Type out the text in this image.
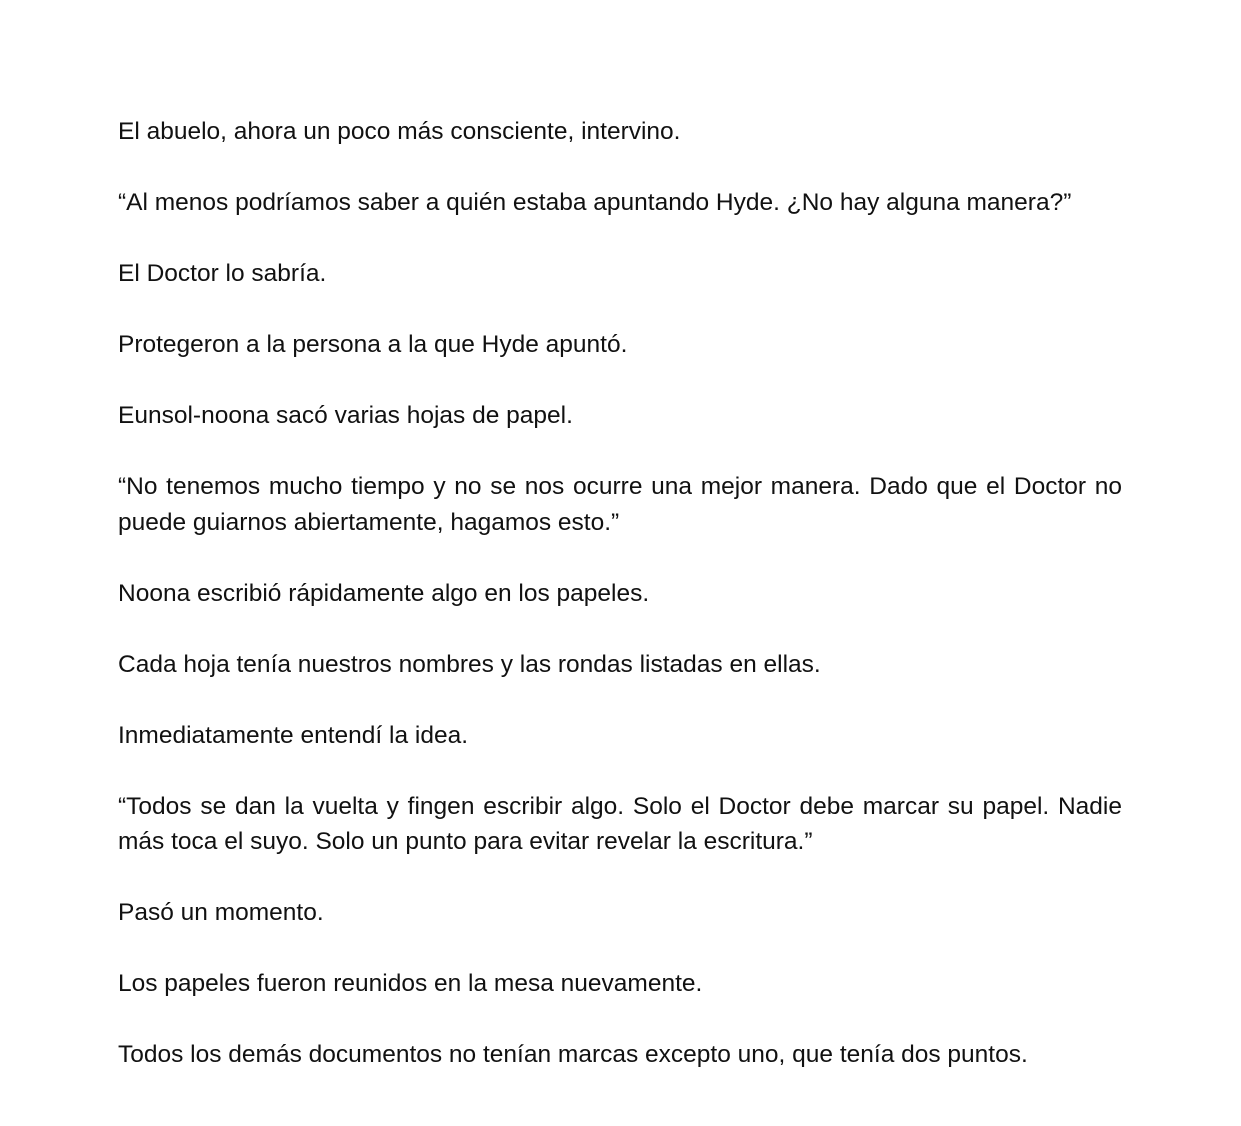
El abuelo, ahora un poco más consciente, intervino.

“Al menos podríamos saber a quién estaba apuntando Hyde. ¿No hay alguna manera?”

El Doctor lo sabría.

Protegeron a la persona a la que Hyde apuntó.

Eunsol-noona sacó varias hojas de papel.

“No tenemos mucho tiempo y no se nos ocurre una mejor manera. Dado que el Doctor no puede guiarnos abiertamente, hagamos esto.”

Noona escribió rápidamente algo en los papeles.

Cada hoja tenía nuestros nombres y las rondas listadas en ellas.

Inmediatamente entendí la idea.

“Todos se dan la vuelta y fingen escribir algo. Solo el Doctor debe marcar su papel. Nadie más toca el suyo. Solo un punto para evitar revelar la escritura.”

Pasó un momento.

Los papeles fueron reunidos en la mesa nuevamente.

Todos los demás documentos no tenían marcas excepto uno, que tenía dos puntos.
